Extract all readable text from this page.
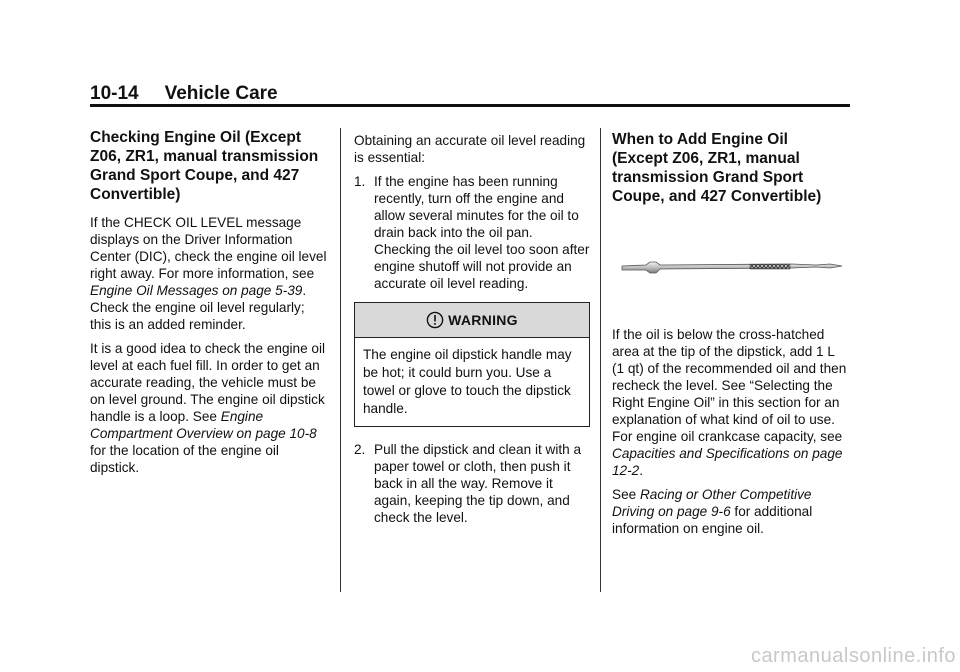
10-14 Vehicle Care
Checking Engine Oil (Except Z06, ZR1, manual transmission Grand Sport Coupe, and 427 Convertible)

If the CHECK OIL LEVEL message displays on the Driver Information Center (DIC), check the engine oil level right away. For more information, see Engine Oil Messages on page 5-39. Check the engine oil level regularly; this is an added reminder.

It is a good idea to check the engine oil level at each fuel fill. In order to get an accurate reading, the vehicle must be on level ground. The engine oil dipstick handle is a loop. See Engine Compartment Overview on page 10-8 for the location of the engine oil dipstick.

Obtaining an accurate oil level reading is essential:

1. If the engine has been running recently, turn off the engine and allow several minutes for the oil to drain back into the oil pan. Checking the oil level too soon after engine shutoff will not provide an accurate oil level reading.
WARNING
The engine oil dipstick handle may be hot; it could burn you. Use a towel or glove to touch the dipstick handle.
2. Pull the dipstick and clean it with a paper towel or cloth, then push it back in all the way. Remove it again, keeping the tip down, and check the level.
When to Add Engine Oil (Except Z06, ZR1, manual transmission Grand Sport Coupe, and 427 Convertible)

If the oil is below the cross-hatched area at the tip of the dipstick, add 1 L (1 qt) of the recommended oil and then recheck the level. See “Selecting the Right Engine Oil” in this section for an explanation of what kind of oil to use. For engine oil crankcase capacity, see Capacities and Specifications on page 12-2.

See Racing or Other Competitive Driving on page 9-6 for additional information on engine oil.

carmanualsonline.info
